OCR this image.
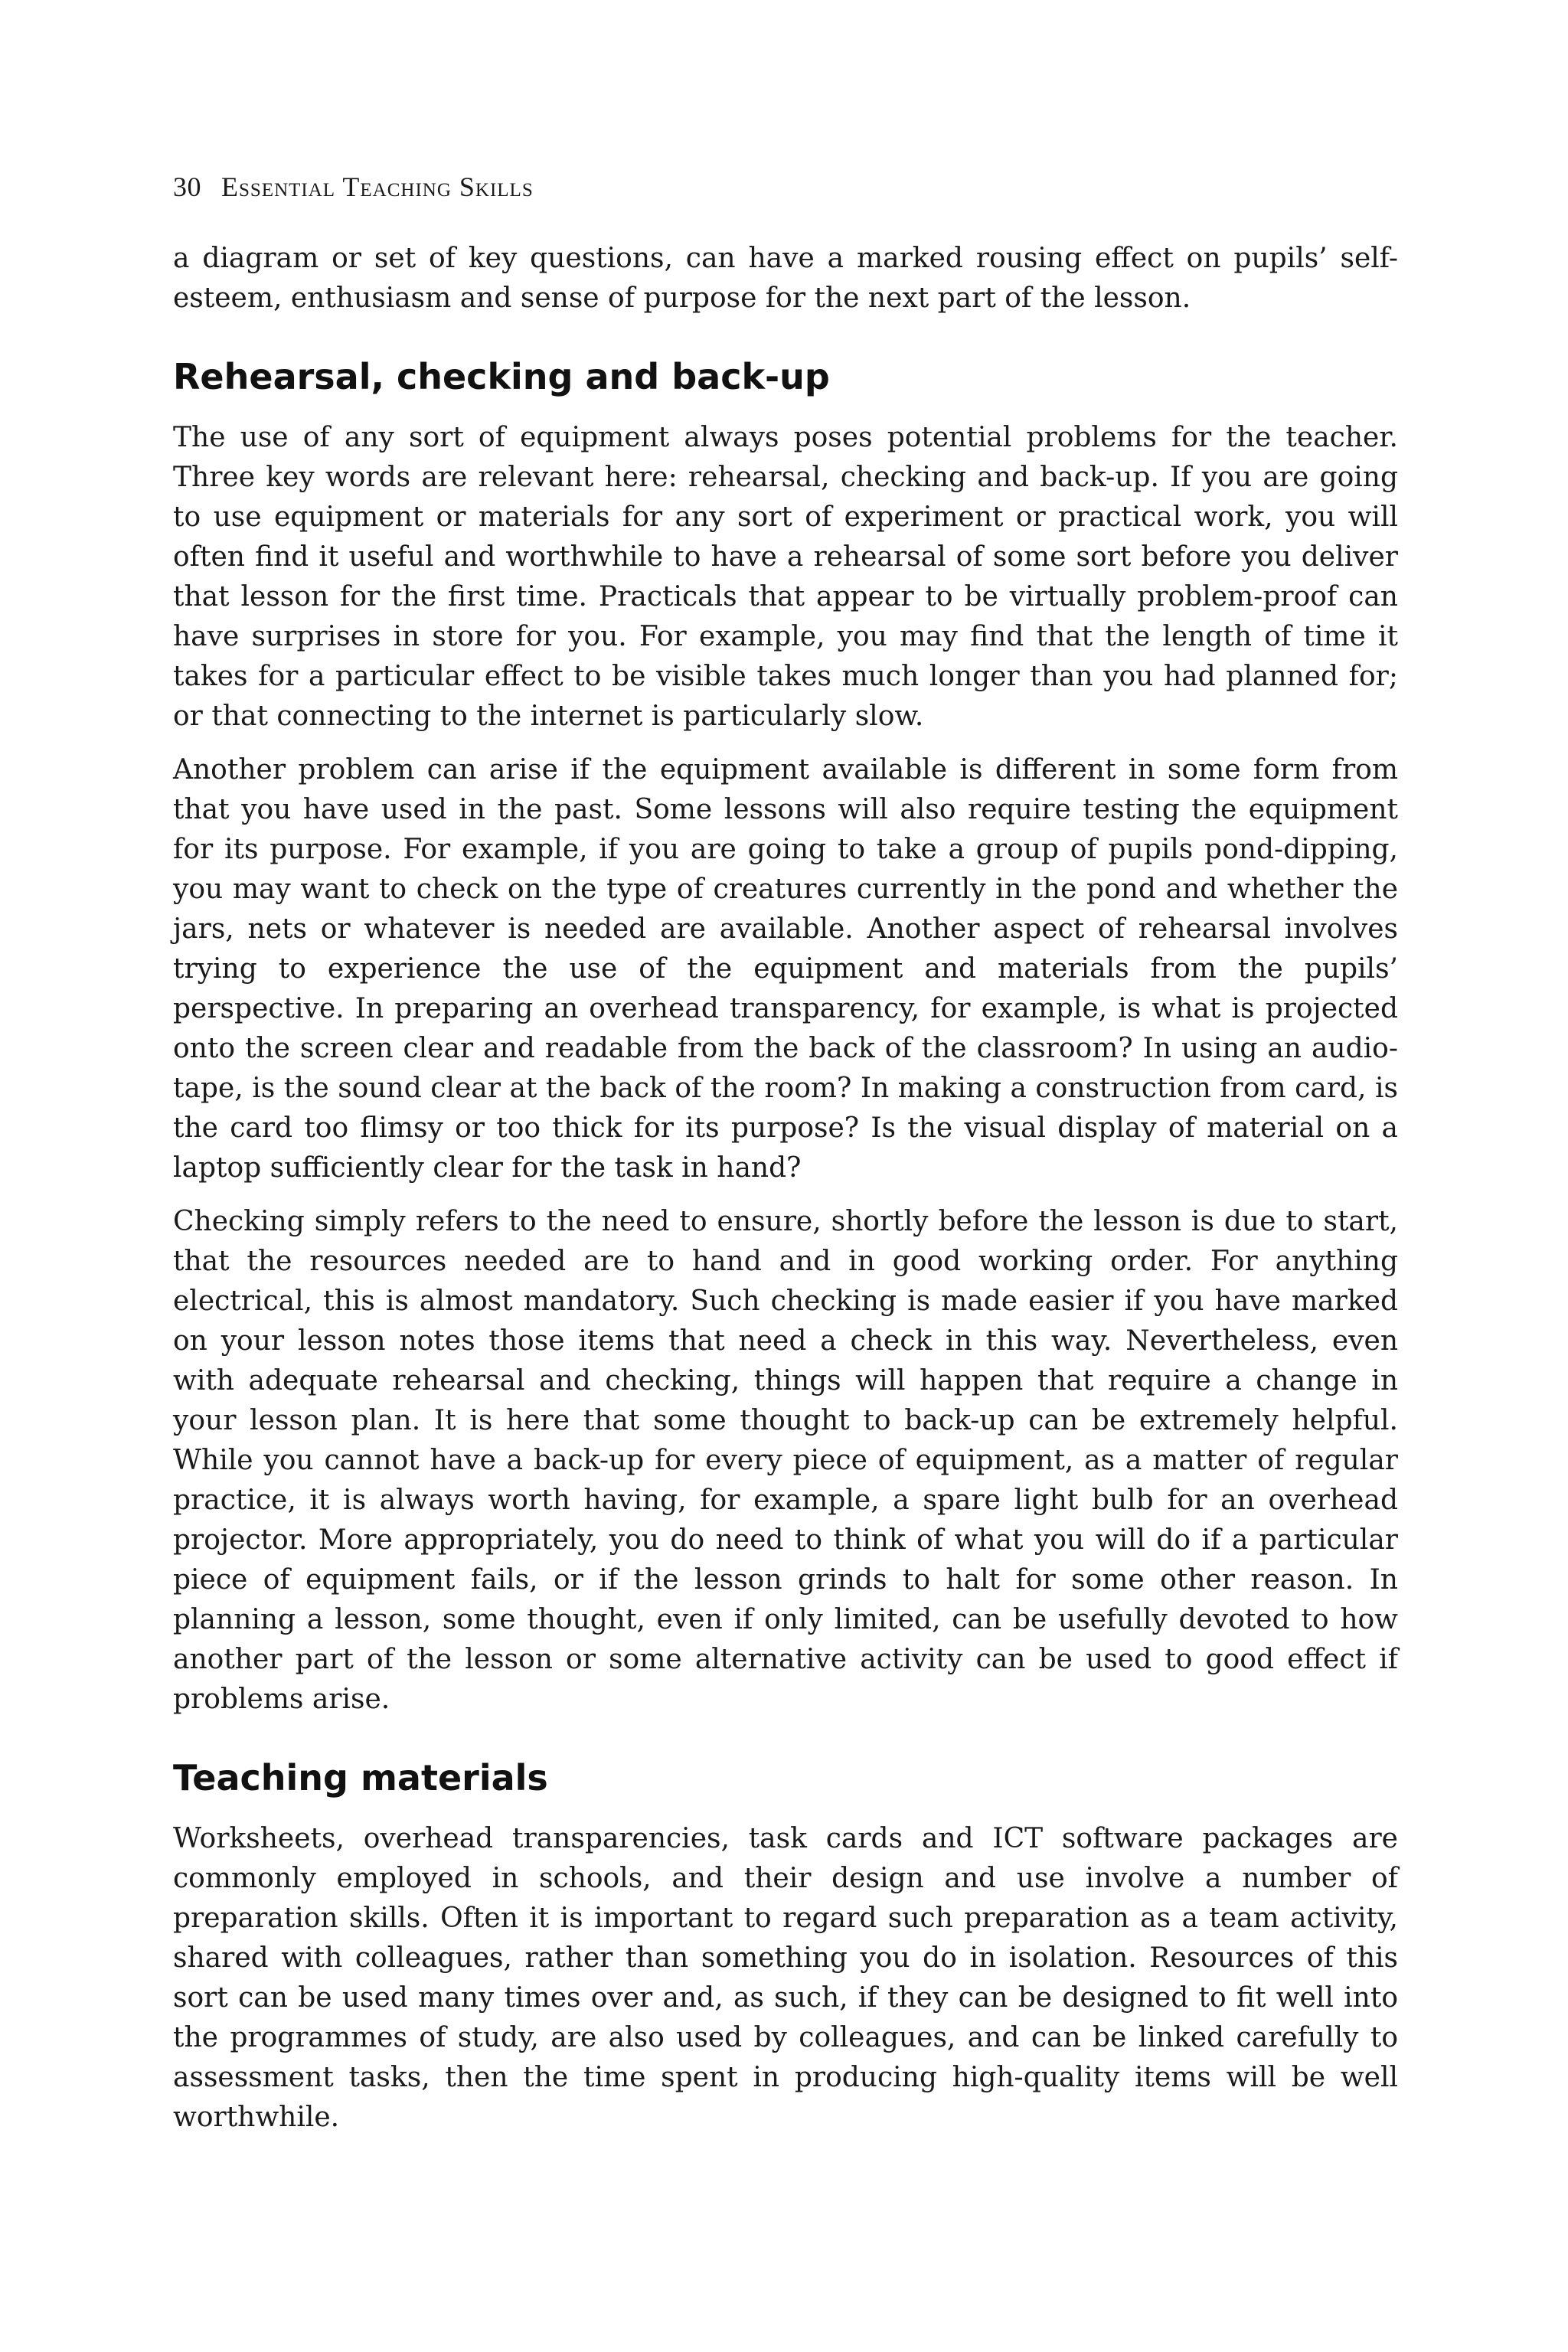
30 Essential Teaching Skills

a diagram or set of key questions, can have a marked rousing effect on pupils’ self-esteem, enthusiasm and sense of purpose for the next part of the lesson.

Rehearsal, checking and back-up

The use of any sort of equipment always poses potential problems for the teacher. Three key words are relevant here: rehearsal, checking and back-up. If you are going to use equipment or materials for any sort of experiment or practical work, you will often find it useful and worthwhile to have a rehearsal of some sort before you deliver that lesson for the first time. Practicals that appear to be virtually problem-proof can have surprises in store for you. For example, you may find that the length of time it takes for a particular effect to be visible takes much longer than you had planned for; or that connecting to the internet is particularly slow.

Another problem can arise if the equipment available is different in some form from that you have used in the past. Some lessons will also require testing the equipment for its purpose. For example, if you are going to take a group of pupils pond-dipping, you may want to check on the type of creatures currently in the pond and whether the jars, nets or whatever is needed are available. Another aspect of rehearsal involves trying to experience the use of the equipment and materials from the pupils’ perspective. In preparing an overhead transparency, for example, is what is projected onto the screen clear and readable from the back of the classroom? In using an audio-tape, is the sound clear at the back of the room? In making a construction from card, is the card too flimsy or too thick for its purpose? Is the visual display of material on a laptop sufficiently clear for the task in hand?

Checking simply refers to the need to ensure, shortly before the lesson is due to start, that the resources needed are to hand and in good working order. For anything electrical, this is almost mandatory. Such checking is made easier if you have marked on your lesson notes those items that need a check in this way. Nevertheless, even with adequate rehearsal and checking, things will happen that require a change in your lesson plan. It is here that some thought to back-up can be extremely helpful. While you cannot have a back-up for every piece of equipment, as a matter of regular practice, it is always worth having, for example, a spare light bulb for an overhead projector. More appropriately, you do need to think of what you will do if a particular piece of equipment fails, or if the lesson grinds to halt for some other reason. In planning a lesson, some thought, even if only limited, can be usefully devoted to how another part of the lesson or some alternative activity can be used to good effect if problems arise.

Teaching materials

Worksheets, overhead transparencies, task cards and ICT software packages are commonly employed in schools, and their design and use involve a number of preparation skills. Often it is important to regard such preparation as a team activity, shared with colleagues, rather than something you do in isolation. Resources of this sort can be used many times over and, as such, if they can be designed to fit well into the programmes of study, are also used by colleagues, and can be linked carefully to assessment tasks, then the time spent in producing high-quality items will be well worthwhile.
